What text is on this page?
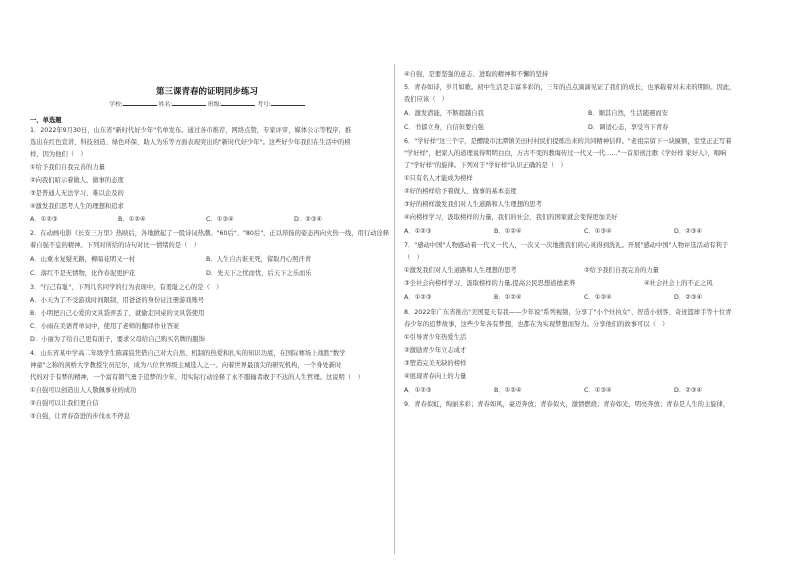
第三课青春的证明同步练习
学校:	姓名:	班级:	考号:
一、单选题
1．2022年9月30日，山东省"新时代好少年"名单发布。通过各市推荐，网络点赞，专家评审，媒体公示等程序，推
选出在红色宣讲、科技创造、绿色环保、助人为乐等方面表现突出的"新时代好少年"。这些好少年我们在生活中的榜
样，因为他们（　）
①给予我们自我完善的力量
②向我们昭示着做人、做事的态度
③是普通人无法学习、难以企及的
④激发我们思考人生的理想和追求
A．①②③	B．①②④	C．①③④	D．②③④
2．在动画电影《长安三万里》热映后，各地掀起了一股诗词热潮。"60后"、"80后"，正以昂扬的姿态再向火热一线，用行动诠释
着自强不息的精神。下列对所给的诗句对比一情绪的是（　）
A．山重水复疑无路，柳暗花明又一村	B．人生自古谁无死，留取丹心照汗青
C．落红不是无情物，化作春泥更护花	D．先天下之忧而忧，后天下之乐而乐
3．"行己有耻"，下列几名同学的行为表现中，有羞耻之心的是（　）
A．小天为了不受游戏时间限制，用爸爸的身份证注册游戏账号
B．小明把自己心爱的文具袋弄丢了，就偷走同桌的文具袋使用
C．小雨在美语背单词中，使用了老师的翻译作业答案
D．小丽为了给自己更有面子，要求父母给自己购买名牌的服饰
4．山东省某中学高二年级学生陈霖宸凭借自己对大自然、机制的热爱和扎实的知识功底，在国际赛场上战胜"数学
神童"之称的剑桥大学教授生员尼尔，成为八位世界级主城选人之一。向着世界最顶尖的研究机构，一个身处新时
代的对于有梦的精神，一个富有朝气勇于追梦的少年，用实际行动诠释了永不服输者敢于不达的人生哲理。这说明（　）
①自强可以创造出人人敬佩事业的成功
②自强可以让我们更自信
③自强，让青春奋进的步伐永不停息
④自强，是要坚强的意志、进取的精神和不懈的坚持
5．青春如诗，岁月如歌。初中生活是丰富多彩的，三年的点点滴滴见证了我们的成长，也承载着对未来的期盼。因此，
我们应该（　）
A．激发潜能，不断超越自我	B．顺其自然，生活随遇而安
C．书郁立身，自信但要自强	D．调适心态，享受当下青春
6．"学好样"这三个字，是醴陵市沈潭镇美田村村民们提炼出来的共同精神信仰。"老祖宗留下一块匾额，室堂正正写着
"学好样"，把家人的道理说得明明白白，万古不变的教诲传过一代又一代……"一首原创注歌《学好样 家好人》，唱响
了"学好样"的旋律。下列对于"学好样"认识正确的是（　）
①只有名人才能成为榜样
②好的榜样给予着做人、做事的基本态度
③好的榜样激发我们对人生道路和人生理想的思考
④向榜样学习，汲取榜样的力量，我们的社会、我们的国家就会变得更加美好
A．①②③	B．①②④	C．①③④	D．②③④
7．"感动中国"人物感动着一代又一代人，一次又一次地拨我们的心灵得到洗礼。开展"感动中国"人物评选活动有利于
（　）
①激发我们对人生道路和人生理想的思考	②给予我们自我完善的力量
③全社会向榜样学习、汲取榜样的力量,提高公民思想道德素养	④社会社会上的不正之风
A．①②③	B．①②④	C．①③④	D．②③④
8．2022年广东省推出"美国夏天有我——少年说"系列视频，分享了"小个灶执女"、智造小创客、奇迹篮球手等十位青
春少年的追梦故事，这些少年各有梦想，也都在为实现梦想而努力。分享他们的故事可以（　）
①引导青少年热爱生活
②激励青少年立志成才
③塑造完美无缺的榜样
④展现青春向上的力量
A．①②③	B．①②④	C．①③④	D．②③④
9．青春似虹，绚丽多彩；青春如风，豪迈奔放；青春似火，激情燃烧；青春如光，明亮奔放；青春是人生的主旋律，
